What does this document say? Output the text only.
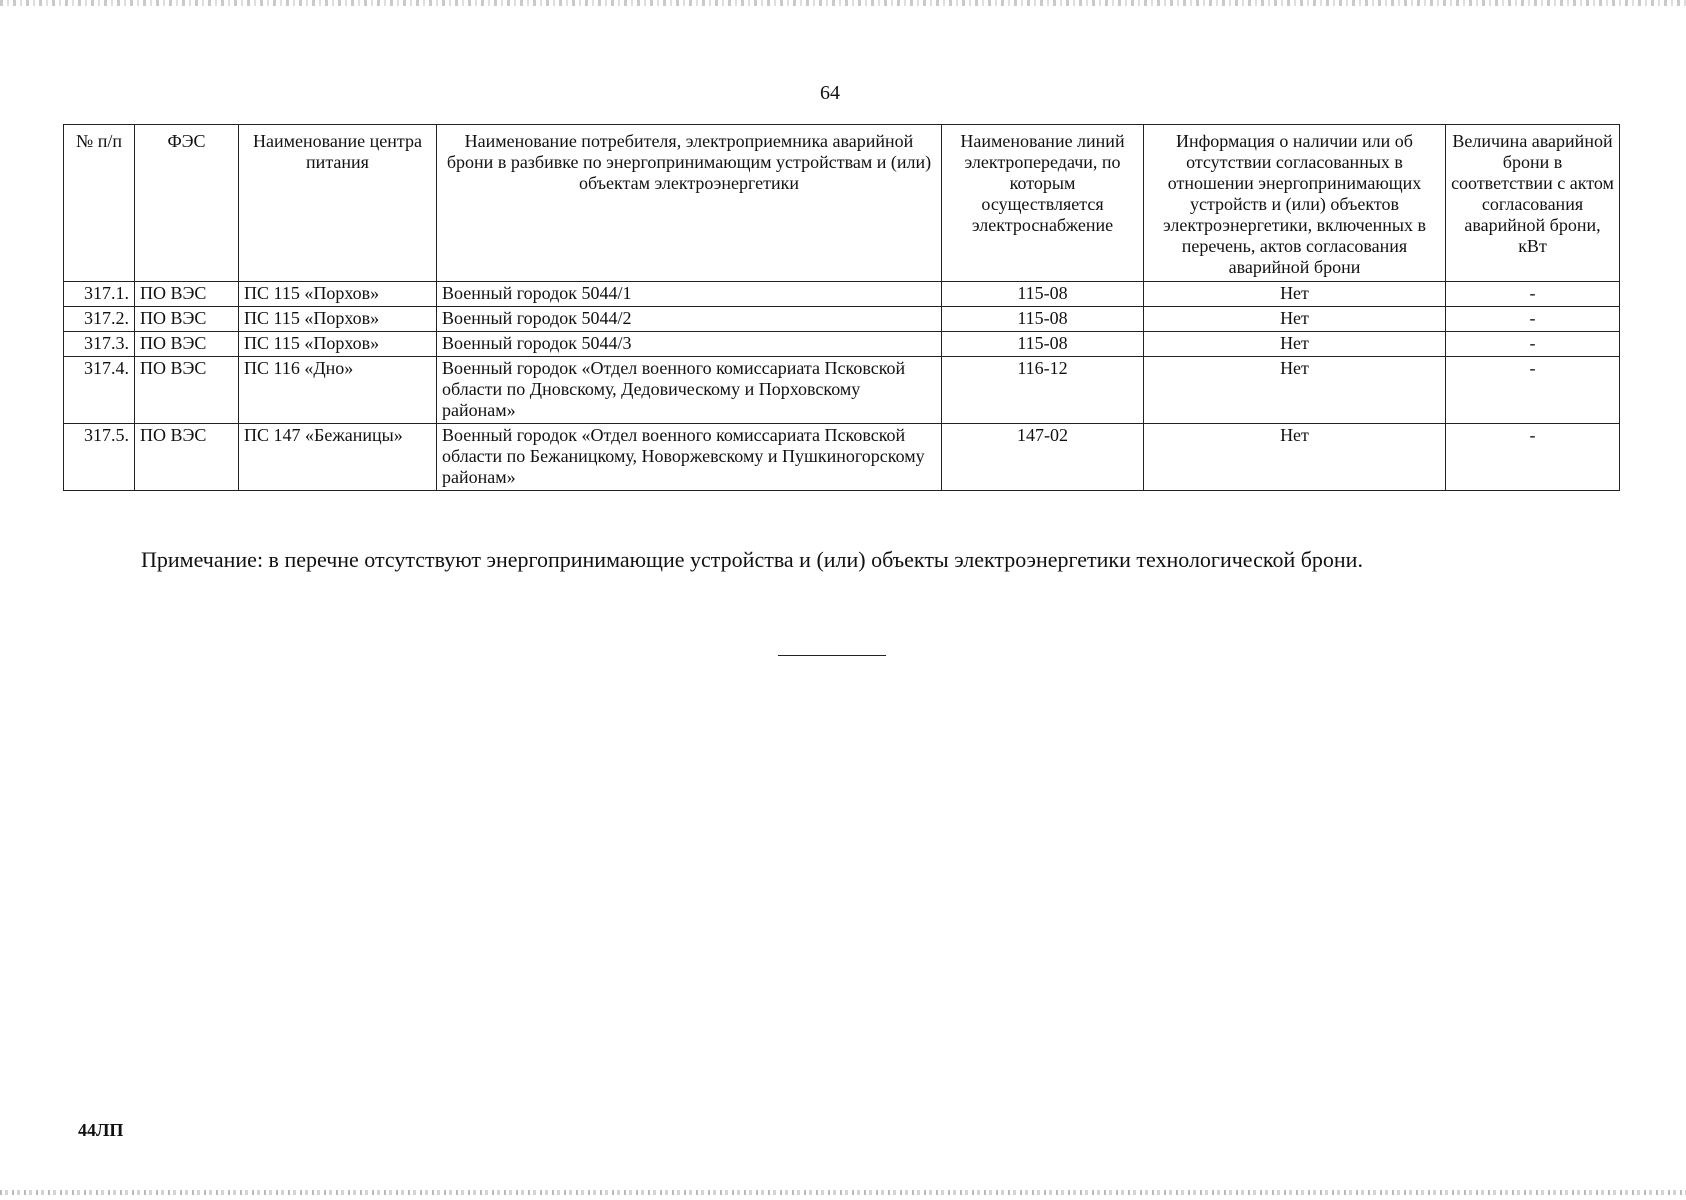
64
№ п/п	ФЭС	Наименование центра питания	Наименование потребителя, электроприемника аварийной брони в разбивке по энергопринимающим устройствам и (или) объектам электроэнергетики	Наименование линий электропередачи, по которым осуществляется электроснабжение	Информация о наличии или об отсутствии согласованных в отношении энергопринимающих устройств и (или) объектов электроэнергетики, включенных в перечень, актов согласования аварийной брони	Величина аварийной брони в соответствии с актом согласования аварийной брони, кВт
317.1.	ПО ВЭС	ПС 115 «Порхов»	Военный городок 5044/1	115-08	Нет	-
317.2.	ПО ВЭС	ПС 115 «Порхов»	Военный городок 5044/2	115-08	Нет	-
317.3.	ПО ВЭС	ПС 115 «Порхов»	Военный городок 5044/3	115-08	Нет	-
317.4.	ПО ВЭС	ПС 116 «Дно»	Военный городок «Отдел военного комиссариата Псковской области по Дновскому, Дедовическому и Порховскому районам»	116-12	Нет	-
317.5.	ПО ВЭС	ПС 147 «Бежаницы»	Военный городок «Отдел военного комиссариата Псковской области по Бежаницкому, Новоржевскому и Пушкиногорскому районам»	147-02	Нет	-
Примечание: в перечне отсутствуют энергопринимающие устройства и (или) объекты электроэнергетики технологической брони.
44ЛП
